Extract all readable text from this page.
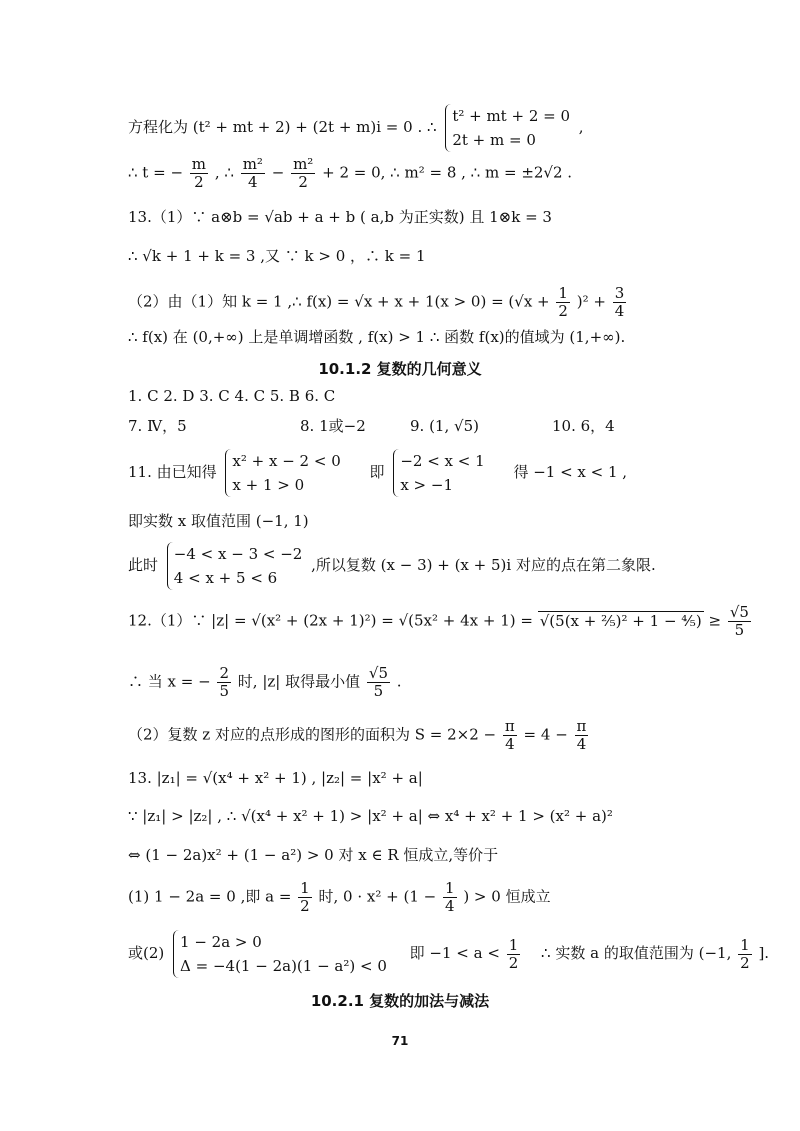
方程化为 (t² + mt + 2) + (2t + m)i = 0 . ∴
t² + mt + 2 = 0
2t + m = 0
,
∴ t = − $\frac{m}{2}$ , ∴ $\frac{\text{m²}}{4} - \frac{\text{m²}}{2} + 2 = 0$, ∴ m² = 8 , ∴ m = ±2√2 .
13.（1）∵ a⊗b = √ab + a + b ( a,b 为正实数) 且 1⊗k = 3
∴ √k + 1 + k = 3 ,又 ∵ k > 0 ，∴ k = 1
（2）由（1）知 k = 1 ,∴ $f(x) = √x + x + 1(x > 0) = (√x + \frac{1}{2} )^2 + \frac{3}{4}$
∴ f(x) 在 (0,+∞) 上是单调增函数 , f(x) > 1 ∴ 函数 f(x)的值域为 (1,+∞).
10.1.2 复数的几何意义
1. C 2. D 3. C 4. C 5. B 6. C
7. Ⅳ，5	8. 1或−2	9. (1, √5)	10. 6，4
11. 由已知得
x² + x − 2 < 0
x + 1 > 0
即
−2 < x < 1
x > −1
得 −1 < x < 1 ,
即实数 x 取值范围 (−1, 1)
此时
−4 < x − 3 < −2
4 < x + 5 < 6
,所以复数 (x − 3) + (x + 5)i 对应的点在第二象限.
12.（1）∵ |z| = √(x² + (2x + 1)²) = √(5x² + 4x + 1) = √(5(x + ⅖)² + 1 − ⅘) ≥ $\frac{√5}{5}$
∴ 当 x = − $\frac{2}{5}$ 时, |z| 取得最小值 $\frac{√5}{5}$ .
（2）复数 z 对应的点形成的图形的面积为 $S = 2\times 2 - \frac{\pi}{4} = 4 - \frac{\pi}{4}$
13. |z₁| = √(x⁴ + x² + 1) , |z₂| = |x² + a|
∵ |z₁| > |z₂| , ∴ √(x⁴ + x² + 1) > |x² + a| ⇔ x⁴ + x² + 1 > (x² + a)²
⇔ (1 − 2a)x² + (1 − a²) > 0 对 x ∈ R 恒成立,等价于
(1) 1 − 2a = 0 ,即 $a = \frac{1}{2}$ 时, $0 \cdot x^2 + (1 - \frac{1}{4}$ ) > 0 恒成立
或(2)
1 − 2a > 0
Δ = −4(1 − 2a)(1 − a²) < 0
即 $-1 < a < \frac{1}{2}$ ∴ 实数 a 的取值范围为 (−1, $\frac{1}{2}$ ].
10.2.1 复数的加法与减法
71
